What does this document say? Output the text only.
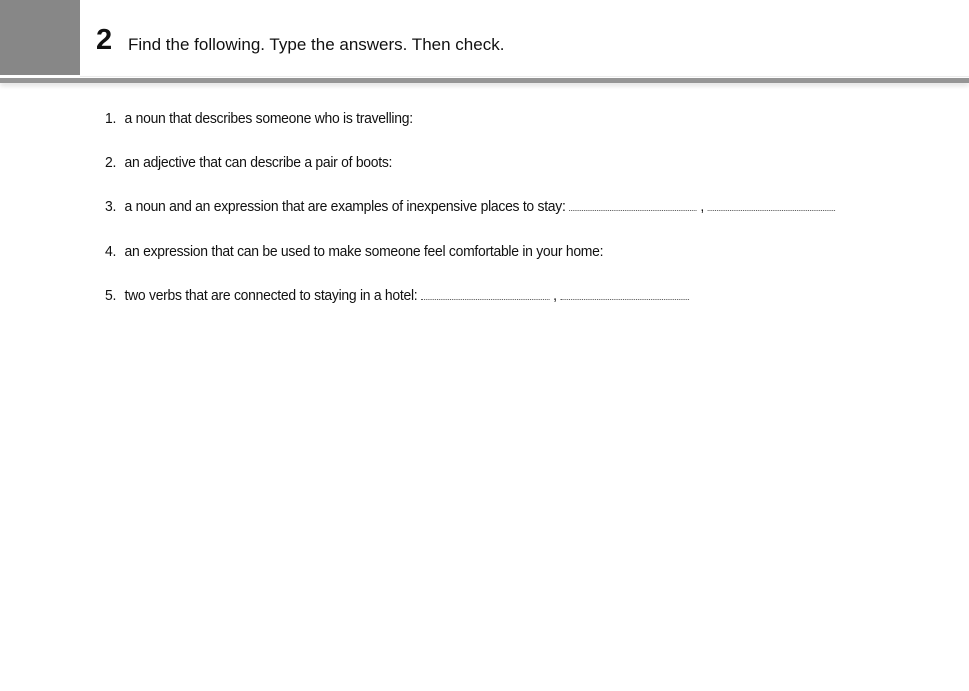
2 Find the following. Type the answers. Then check.
1. a noun that describes someone who is travelling:
2. an adjective that can describe a pair of boots:
3. a noun and an expression that are examples of inexpensive places to stay:	,
4. an expression that can be used to make someone feel comfortable in your home:
5. two verbs that are connected to staying in a hotel:	,
